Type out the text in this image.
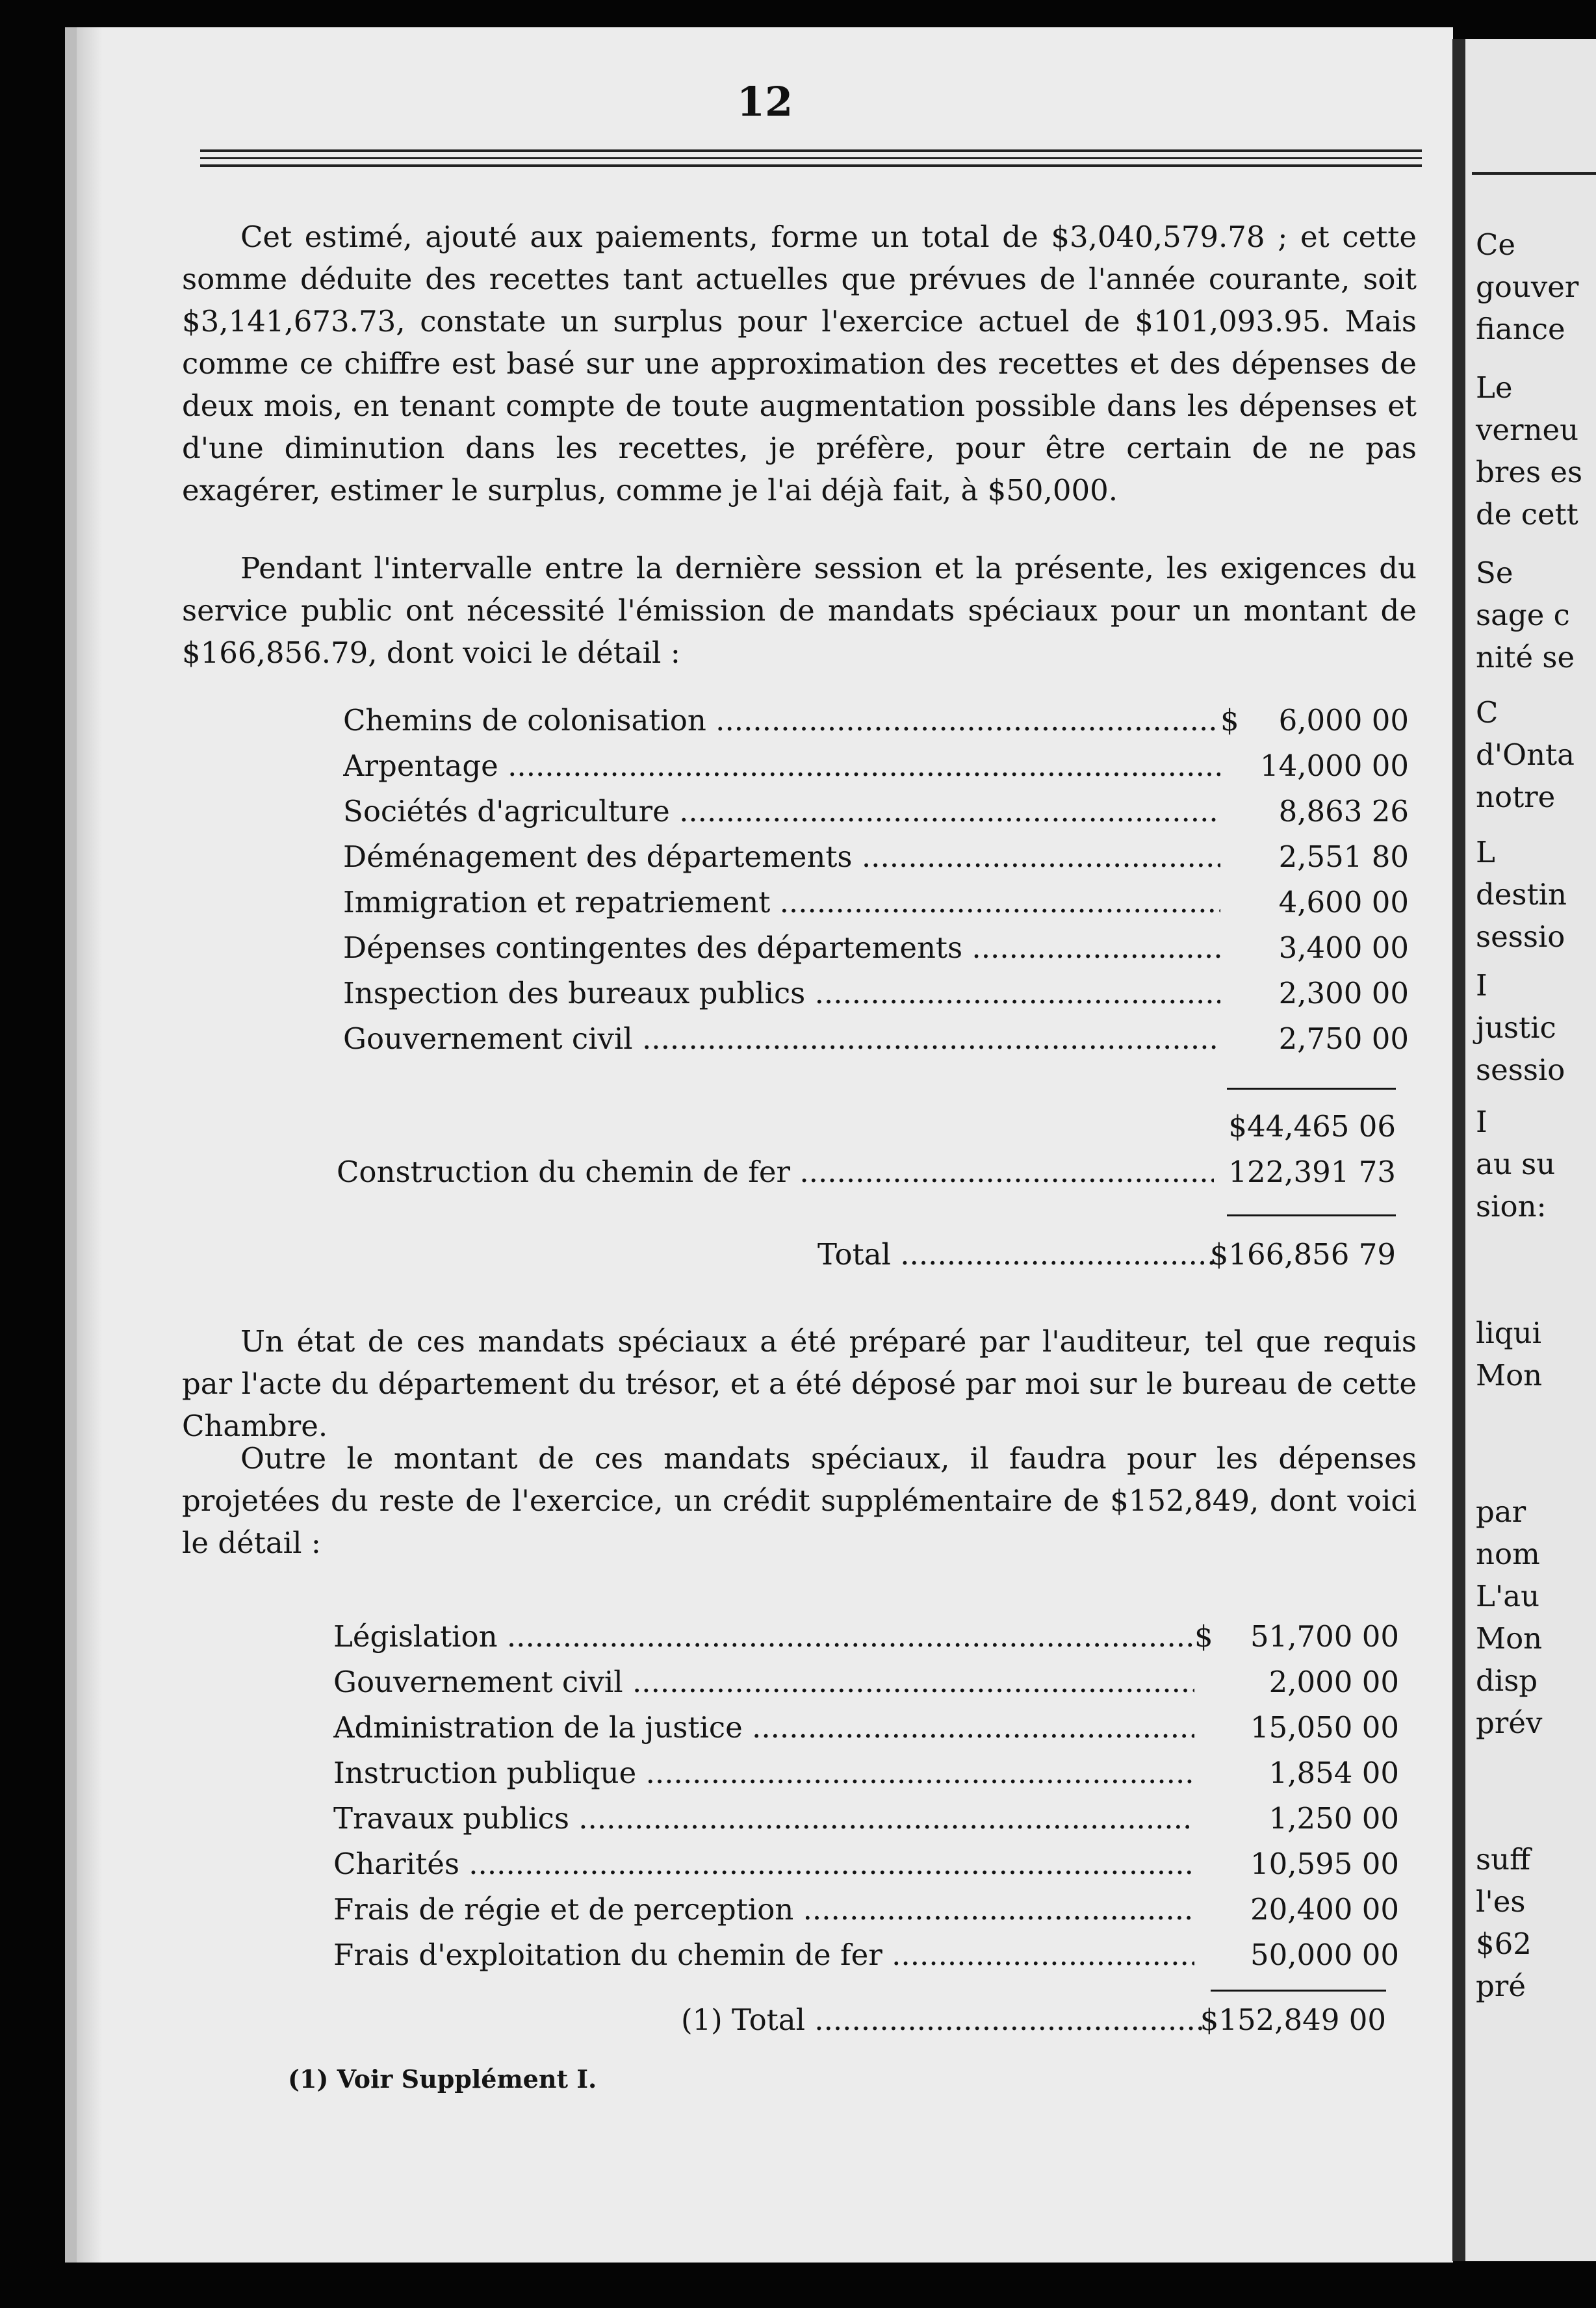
12

Cet estimé, ajouté aux paiements, forme un total de $3,040,579.78 ; et cette somme déduite des recettes tant actuelles que prévues de l'année courante, soit $3,141,673.73, constate un surplus pour l'exercice actuel de $101,093.95. Mais comme ce chiffre est basé sur une approximation des recettes et des dépenses de deux mois, en tenant compte de toute augmentation possible dans les dépenses et d'une diminution dans les recettes, je préfère, pour être certain de ne pas exagérer, estimer le surplus, comme je l'ai déjà fait, à $50,000.

Pendant l'intervalle entre la dernière session et la présente, les exigences du service public ont nécessité l'émission de mandats spéciaux pour un montant de $166,856.79, dont voici le détail :

Chemins de colonisation .....	$	6,000 00
Arpentage .....	14,000 00
Sociétés d'agriculture .....	8,863 26
Déménagement des départements .....	2,551 80
Immigration et repatriement .....	4,600 00
Dépenses contingentes des départements .....	3,400 00
Inspection des bureaux publics .....	2,300 00
Gouvernement civil .....	2,750 00
$44,465 06
Construction du chemin de fer .....	122,391 73
Total .....	$166,856 79

Un état de ces mandats spéciaux a été préparé par l'auditeur, tel que requis par l'acte du département du trésor, et a été déposé par moi sur le bureau de cette Chambre.

Outre le montant de ces mandats spéciaux, il faudra pour les dépenses projetées du reste de l'exercice, un crédit supplémentaire de $152,849, dont voici le détail :

Législation .....	$	51,700 00
Gouvernement civil .....	2,000 00
Administration de la justice .....	15,050 00
Instruction publique .....	1,854 00
Travaux publics .....	1,250 00
Charités .....	10,595 00
Frais de régie et de perception .....	20,400 00
Frais d'exploitation du chemin de fer .....	50,000 00
(1) Total .....	$152,849 00
(1) Voir Supplément I.
Ce
gouver
fiance
Le
verneu
bres es
de cett
Se
sage c
nité se
C
d'Onta
notre
L
destin
sessio
I
justic
sessio
I
au su
sion:
liqui
Mon
par
nom
L'au
Mon
disp
prév
suff
l'es
$62
pré
